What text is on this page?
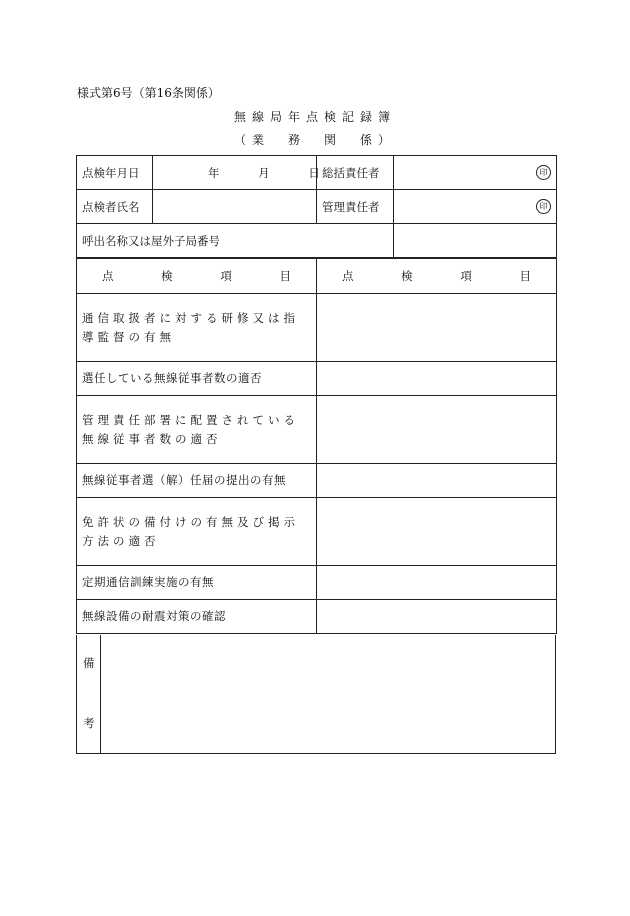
様式第6号（第16条関係）
無線局年点検記録簿
（業　務　関　係）
点検年月日	年 月 日	総括責任者	印

点検者氏名		管理責任者	印

呼出名称又は屋外子局番号			
点 検 項 目	点 検 項 目

通信取扱者に対する研修又は指導監督の有無	

選任している無線従事者数の適否	

管理責任部署に配置されている無線従事者数の適否	

無線従事者選（解）任届の提出の有無	

免許状の備付けの有無及び掲示方法の適否	

定期通信訓練実施の有無	

無線設備の耐震対策の確認	

備
考
